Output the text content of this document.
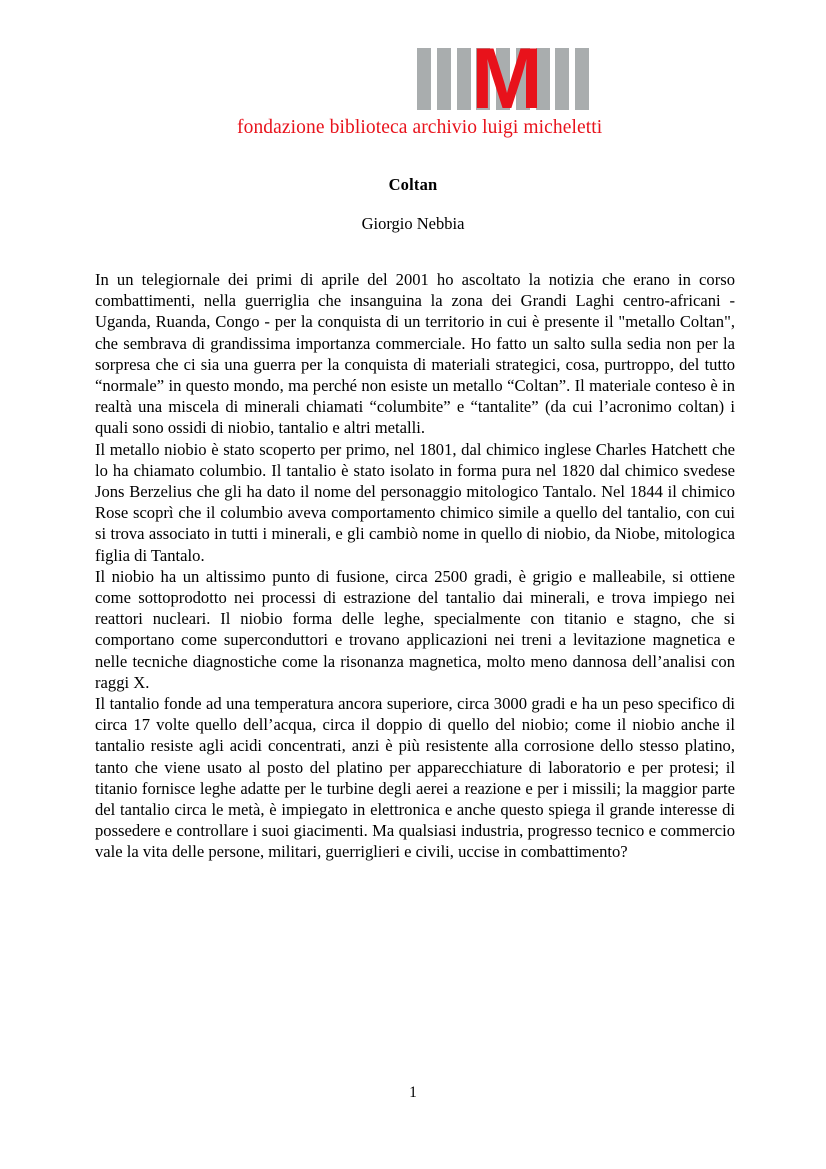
M
fondazione biblioteca archivio luigi micheletti
Coltan
Giorgio Nebbia

In un telegiornale dei primi di aprile del 2001 ho ascoltato la notizia che erano in corso combattimenti, nella guerriglia che insanguina la zona dei Grandi Laghi centro-africani - Uganda, Ruanda, Congo - per la conquista di un territorio in cui è presente il "metallo Coltan", che sembrava di grandissima importanza commerciale. Ho fatto un salto sulla sedia non per la sorpresa che ci sia una guerra per la conquista di materiali strategici, cosa, purtroppo, del tutto “normale” in questo mondo, ma perché non esiste un metallo “Coltan”. Il materiale conteso è in realtà una miscela di minerali chiamati “columbite” e “tantalite” (da cui l’acronimo coltan) i quali sono ossidi di niobio, tantalio e altri metalli.

Il metallo niobio è stato scoperto per primo, nel 1801, dal chimico inglese Charles Hatchett che lo ha chiamato columbio. Il tantalio è stato isolato in forma pura nel 1820 dal chimico svedese Jons Berzelius che gli ha dato il nome del personaggio mitologico Tantalo. Nel 1844 il chimico Rose scoprì che il columbio aveva comportamento chimico simile a quello del tantalio, con cui si trova associato in tutti i minerali, e gli cambiò nome in quello di niobio, da Niobe, mitologica figlia di Tantalo.

Il niobio ha un altissimo punto di fusione, circa 2500 gradi, è grigio e malleabile, si ottiene come sottoprodotto nei processi di estrazione del tantalio dai minerali, e trova impiego nei reattori nucleari. Il niobio forma delle leghe, specialmente con titanio e stagno, che si comportano come superconduttori e trovano applicazioni nei treni a levitazione magnetica e nelle tecniche diagnostiche come la risonanza magnetica, molto meno dannosa dell’analisi con raggi X.

Il tantalio fonde ad una temperatura ancora superiore, circa 3000 gradi e ha un peso specifico di circa 17 volte quello dell’acqua, circa il doppio di quello del niobio; come il niobio anche il tantalio resiste agli acidi concentrati, anzi è più resistente alla corrosione dello stesso platino, tanto che viene usato al posto del platino per apparecchiature di laboratorio e per protesi; il titanio fornisce leghe adatte per le turbine degli aerei a reazione e per i missili; la maggior parte del tantalio circa le metà, è impiegato in elettronica e anche questo spiega il grande interesse di possedere e controllare i suoi giacimenti. Ma qualsiasi industria, progresso tecnico e commercio vale la vita delle persone, militari, guerriglieri e civili, uccise in combattimento?

1
